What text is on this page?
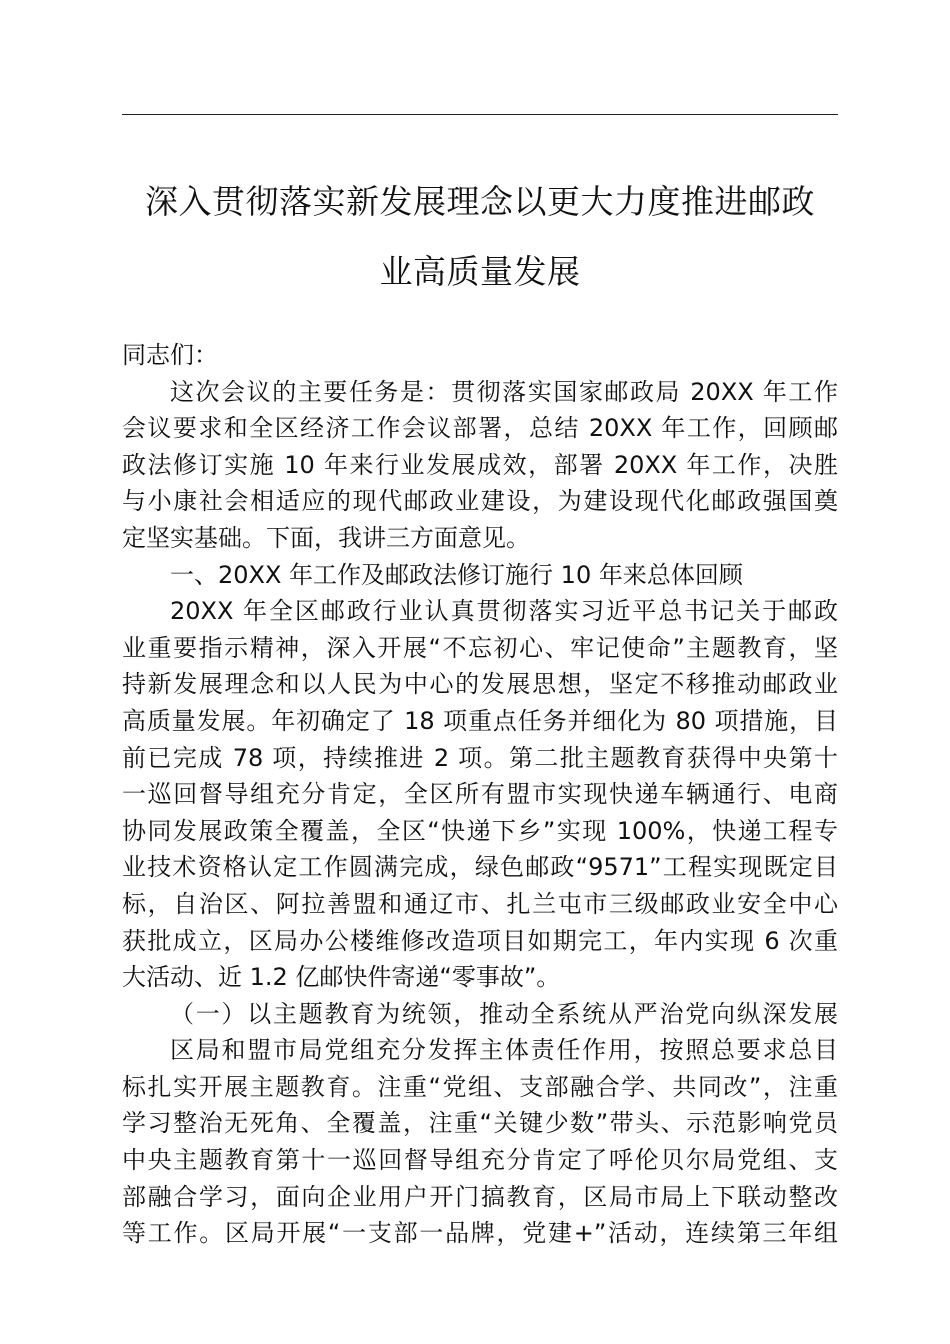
深入贯彻落实新发展理念以更大力度推进邮政
业高质量发展
同志们：
这次会议的主要任务是：贯彻落实国家邮政局 20XX 年工作
会议要求和全区经济工作会议部署，总结 20XX 年工作，回顾邮
政法修订实施 10 年来行业发展成效，部署 20XX 年工作，决胜
与小康社会相适应的现代邮政业建设，为建设现代化邮政强国奠
定坚实基础。下面，我讲三方面意见。
一、20XX 年工作及邮政法修订施行 10 年来总体回顾
20XX 年全区邮政行业认真贯彻落实习近平总书记关于邮政
业重要指示精神，深入开展“不忘初心、牢记使命”主题教育，坚
持新发展理念和以人民为中心的发展思想，坚定不移推动邮政业
高质量发展。年初确定了 18 项重点任务并细化为 80 项措施，目
前已完成 78 项，持续推进 2 项。第二批主题教育获得中央第十
一巡回督导组充分肯定，全区所有盟市实现快递车辆通行、电商
协同发展政策全覆盖，全区“快递下乡”实现 100%，快递工程专
业技术资格认定工作圆满完成，绿色邮政“9571”工程实现既定目
标，自治区、阿拉善盟和通辽市、扎兰屯市三级邮政业安全中心
获批成立，区局办公楼维修改造项目如期完工，年内实现 6 次重
大活动、近 1.2 亿邮快件寄递“零事故”。
（一）以主题教育为统领，推动全系统从严治党向纵深发展
区局和盟市局党组充分发挥主体责任作用，按照总要求总目
标扎实开展主题教育。注重“党组、支部融合学、共同改”，注重
学习整治无死角、全覆盖，注重“关键少数”带头、示范影响党员
中央主题教育第十一巡回督导组充分肯定了呼伦贝尔局党组、支
部融合学习，面向企业用户开门搞教育，区局市局上下联动整改
等工作。区局开展“一支部一品牌，党建+”活动，连续第三年组
